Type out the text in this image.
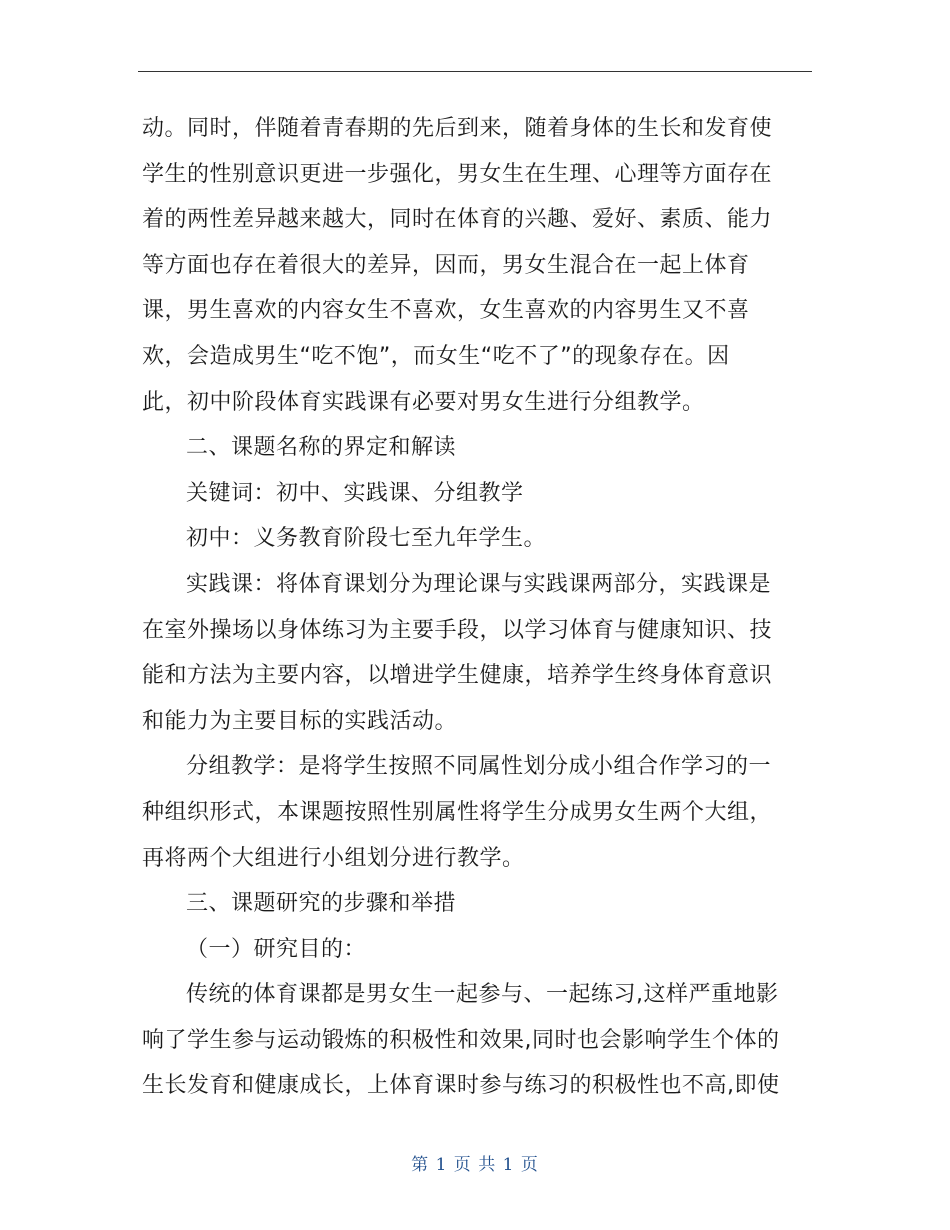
动。同时，伴随着青春期的先后到来，随着身体的生长和发育使
学生的性别意识更进一步强化，男女生在生理、心理等方面存在
着的两性差异越来越大，同时在体育的兴趣、爱好、素质、能力
等方面也存在着很大的差异，因而，男女生混合在一起上体育
课，男生喜欢的内容女生不喜欢，女生喜欢的内容男生又不喜
欢，会造成男生“吃不饱”，而女生“吃不了”的现象存在。因
此，初中阶段体育实践课有必要对男女生进行分组教学。
二、课题名称的界定和解读
关键词：初中、实践课、分组教学
初中：义务教育阶段七至九年学生。
实践课：将体育课划分为理论课与实践课两部分，实践课是
在室外操场以身体练习为主要手段，以学习体育与健康知识、技
能和方法为主要内容，以增进学生健康，培养学生终身体育意识
和能力为主要目标的实践活动。
分组教学：是将学生按照不同属性划分成小组合作学习的一
种组织形式，本课题按照性别属性将学生分成男女生两个大组，
再将两个大组进行小组划分进行教学。
三、课题研究的步骤和举措
（一）研究目的：
传统的体育课都是男女生一起参与、一起练习,这样严重地影
响了学生参与运动锻炼的积极性和效果,同时也会影响学生个体的
生长发育和健康成长，上体育课时参与练习的积极性也不高,即使
第 1 页 共 1 页
